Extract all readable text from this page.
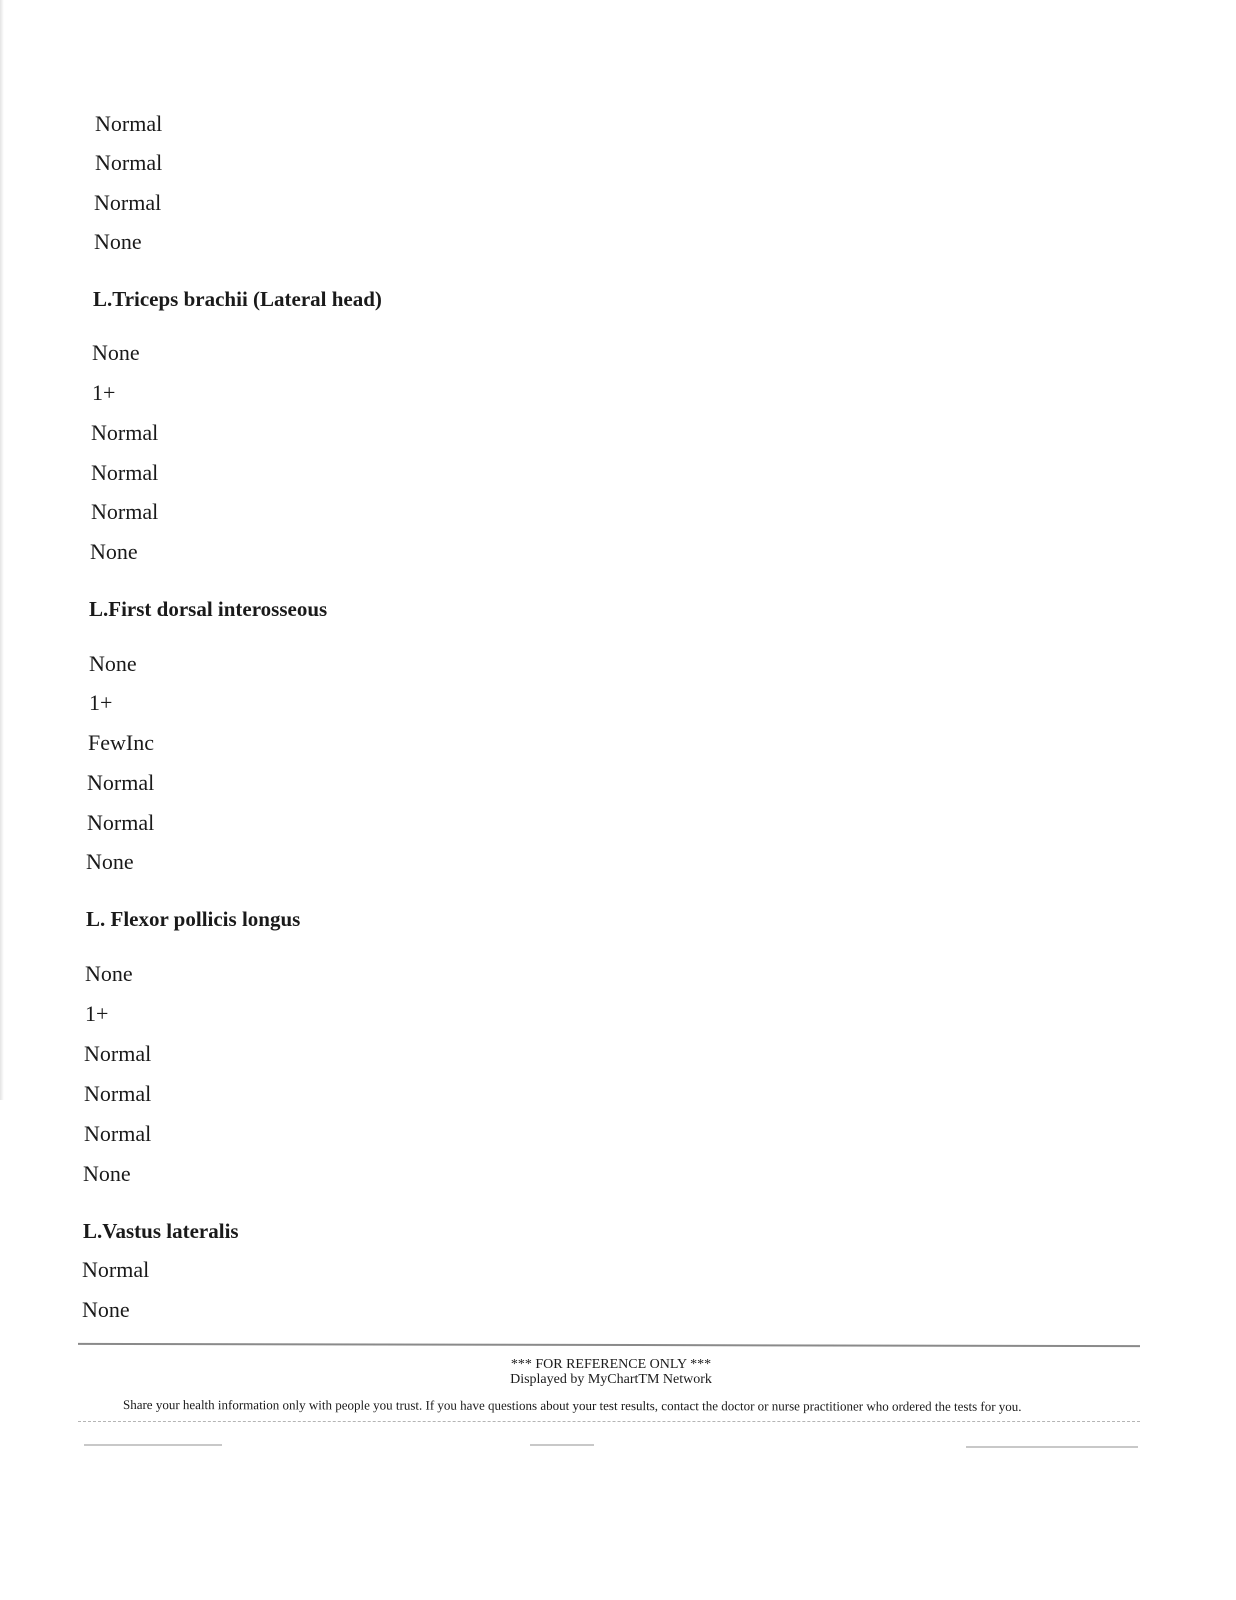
Normal
Normal
Normal
None
L.Triceps brachii (Lateral head)
None
1+
Normal
Normal
Normal
None
L.First dorsal interosseous
None
1+
FewInc
Normal
Normal
None
L. Flexor pollicis longus
None
1+
Normal
Normal
Normal
None
L.Vastus lateralis
Normal
None
*** FOR REFERENCE ONLY ***
Displayed by MyChartTM Network
Share your health information only with people you trust. If you have questions about your test results, contact the doctor or nurse practitioner who ordered the tests for you.
